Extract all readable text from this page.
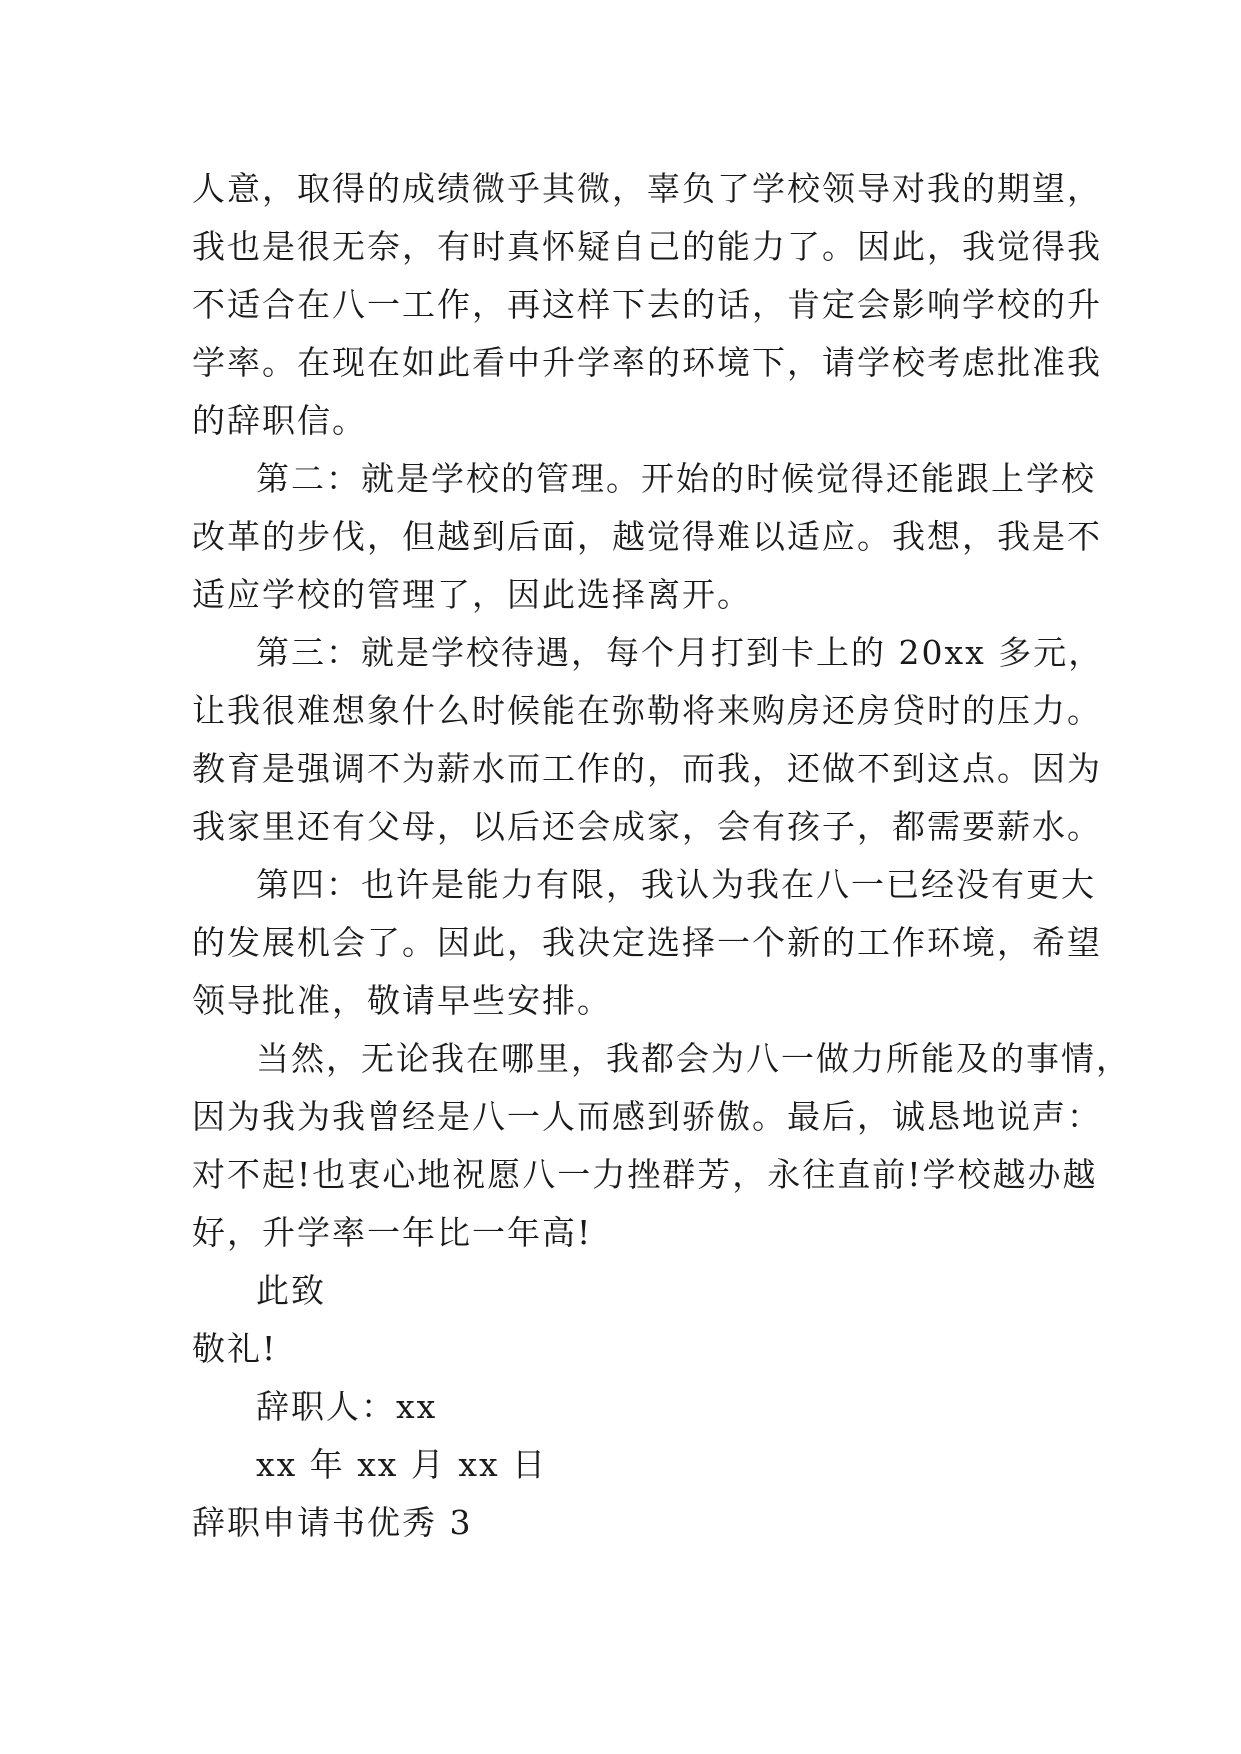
人意，取得的成绩微乎其微，辜负了学校领导对我的期望，
我也是很无奈，有时真怀疑自己的能力了。因此，我觉得我
不适合在八一工作，再这样下去的话，肯定会影响学校的升
学率。在现在如此看中升学率的环境下，请学校考虑批准我
的辞职信。
第二：就是学校的管理。开始的时候觉得还能跟上学校
改革的步伐，但越到后面，越觉得难以适应。我想，我是不
适应学校的管理了，因此选择离开。
第三：就是学校待遇，每个月打到卡上的 20xx 多元，
让我很难想象什么时候能在弥勒将来购房还房贷时的压力。
教育是强调不为薪水而工作的，而我，还做不到这点。因为
我家里还有父母，以后还会成家，会有孩子，都需要薪水。
第四：也许是能力有限，我认为我在八一已经没有更大
的发展机会了。因此，我决定选择一个新的工作环境，希望
领导批准，敬请早些安排。
当然，无论我在哪里，我都会为八一做力所能及的事情，
因为我为我曾经是八一人而感到骄傲。最后，诚恳地说声：
对不起!也衷心地祝愿八一力挫群芳，永往直前!学校越办越
好，升学率一年比一年高!
此致
敬礼!
辞职人：xx
xx 年 xx 月 xx 日
辞职申请书优秀 3
